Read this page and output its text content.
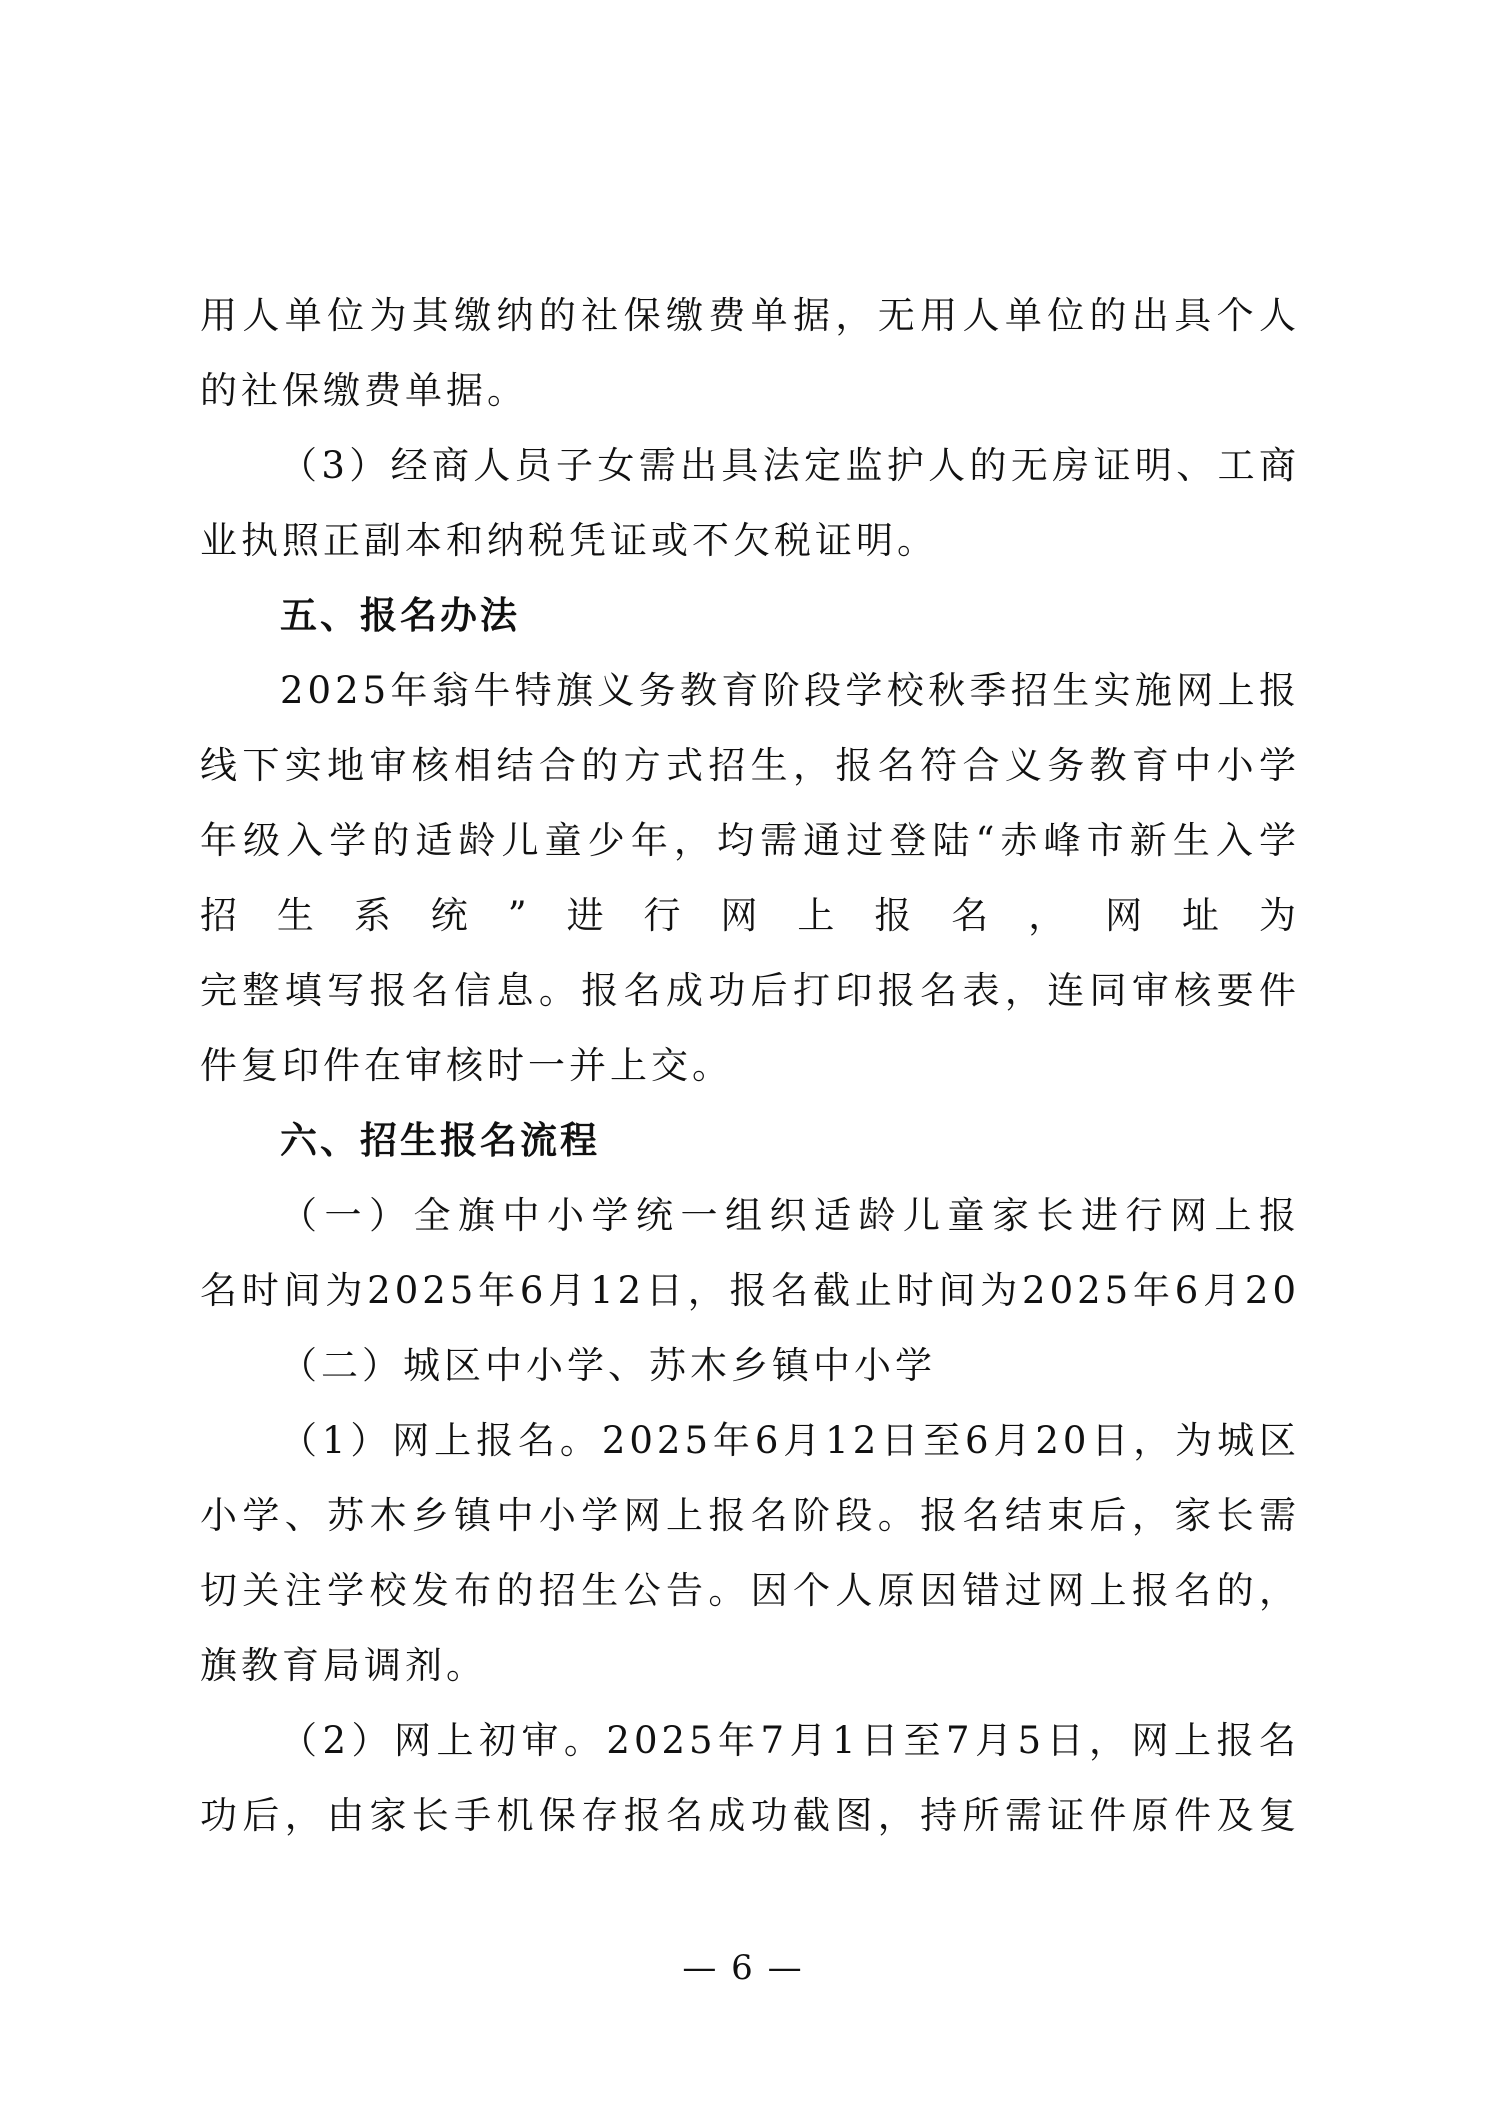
用人单位为其缴纳的社保缴费单据，无用人单位的出具个人
的社保缴费单据。
（3）经商人员子女需出具法定监护人的无房证明、工商
业执照正副本和纳税凭证或不欠税证明。
五、报名办法
2025年翁牛特旗义务教育阶段学校秋季招生实施网上报
线下实地审核相结合的方式招生，报名符合义务教育中小学
年级入学的适龄儿童少年，均需通过登陆“赤峰市新生入学
招生系统”进行网上报名，网址为
完整填写报名信息。报名成功后打印报名表，连同审核要件
件复印件在审核时一并上交。
六、招生报名流程
（一）全旗中小学统一组织适龄儿童家长进行网上报
名时间为2025年6月12日，报名截止时间为2025年6月20
（二）城区中小学、苏木乡镇中小学
（1）网上报名。2025年6月12日至6月20日，为城区
小学、苏木乡镇中小学网上报名阶段。报名结束后，家长需
切关注学校发布的招生公告。因个人原因错过网上报名的，
旗教育局调剂。
（2）网上初审。2025年7月1日至7月5日，网上报名
功后，由家长手机保存报名成功截图，持所需证件原件及复
— 6 —
